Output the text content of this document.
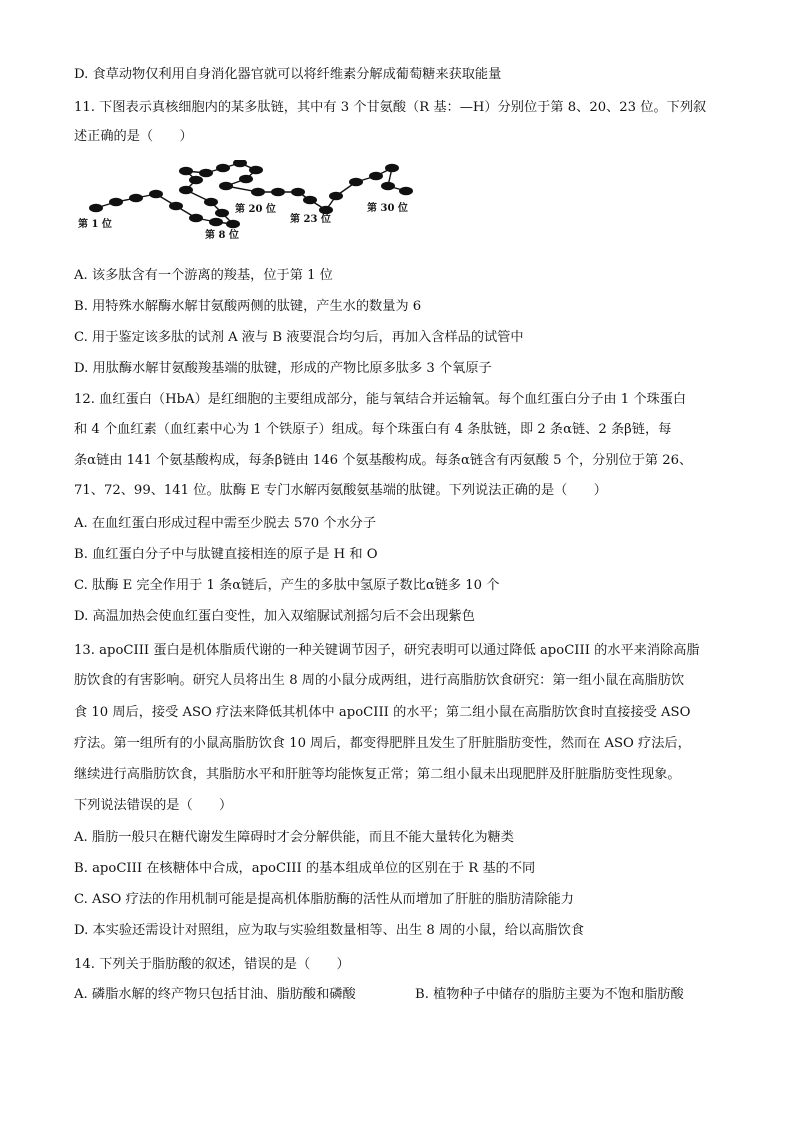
D. 食草动物仅利用自身消化器官就可以将纤维素分解成葡萄糖来获取能量
11. 下图表示真核细胞内的某多肽链，其中有 3 个甘氨酸（R 基：—H）分别位于第 8、20、23 位。下列叙
述正确的是（　　）
第 1 位
第 8 位
第 20 位
第 23 位
第 30 位
A. 该多肽含有一个游离的羧基，位于第 1 位
B. 用特殊水解酶水解甘氨酸两侧的肽键，产生水的数量为 6
C. 用于鉴定该多肽的试剂 A 液与 B 液要混合均匀后，再加入含样品的试管中
D. 用肽酶水解甘氨酸羧基端的肽键，形成的产物比原多肽多 3 个氧原子
12. 血红蛋白（HbA）是红细胞的主要组成部分，能与氧结合并运输氧。每个血红蛋白分子由 1 个珠蛋白
和 4 个血红素（血红素中心为 1 个铁原子）组成。每个珠蛋白有 4 条肽链，即 2 条α链、2 条β链，每
条α链由 141 个氨基酸构成，每条β链由 146 个氨基酸构成。每条α链含有丙氨酸 5 个，分别位于第 26、
71、72、99、141 位。肽酶 E 专门水解丙氨酸氨基端的肽键。下列说法正确的是（　　）
A. 在血红蛋白形成过程中需至少脱去 570 个水分子
B. 血红蛋白分子中与肽键直接相连的原子是 H 和 O
C. 肽酶 E 完全作用于 1 条α链后，产生的多肽中氢原子数比α链多 10 个
D. 高温加热会使血红蛋白变性，加入双缩脲试剂摇匀后不会出现紫色
13. apoCIII 蛋白是机体脂质代谢的一种关键调节因子，研究表明可以通过降低 apoCIII 的水平来消除高脂
肪饮食的有害影响。研究人员将出生 8 周的小鼠分成两组，进行高脂肪饮食研究：第一组小鼠在高脂肪饮
食 10 周后，接受 ASO 疗法来降低其机体中 apoCIII 的水平；第二组小鼠在高脂肪饮食时直接接受 ASO
疗法。第一组所有的小鼠高脂肪饮食 10 周后，都变得肥胖且发生了肝脏脂肪变性，然而在 ASO 疗法后，
继续进行高脂肪饮食，其脂肪水平和肝脏等均能恢复正常；第二组小鼠未出现肥胖及肝脏脂肪变性现象。
下列说法错误的是（　　）
A. 脂肪一般只在糖代谢发生障碍时才会分解供能，而且不能大量转化为糖类
B. apoCIII 在核糖体中合成，apoCIII 的基本组成单位的区别在于 R 基的不同
C. ASO 疗法的作用机制可能是提高机体脂肪酶的活性从而增加了肝脏的脂肪清除能力
D. 本实验还需设计对照组，应为取与实验组数量相等、出生 8 周的小鼠，给以高脂饮食
14. 下列关于脂肪酸的叙述，错误的是（　　）
A. 磷脂水解的终产物只包括甘油、脂肪酸和磷酸	B. 植物种子中储存的脂肪主要为不饱和脂肪酸
